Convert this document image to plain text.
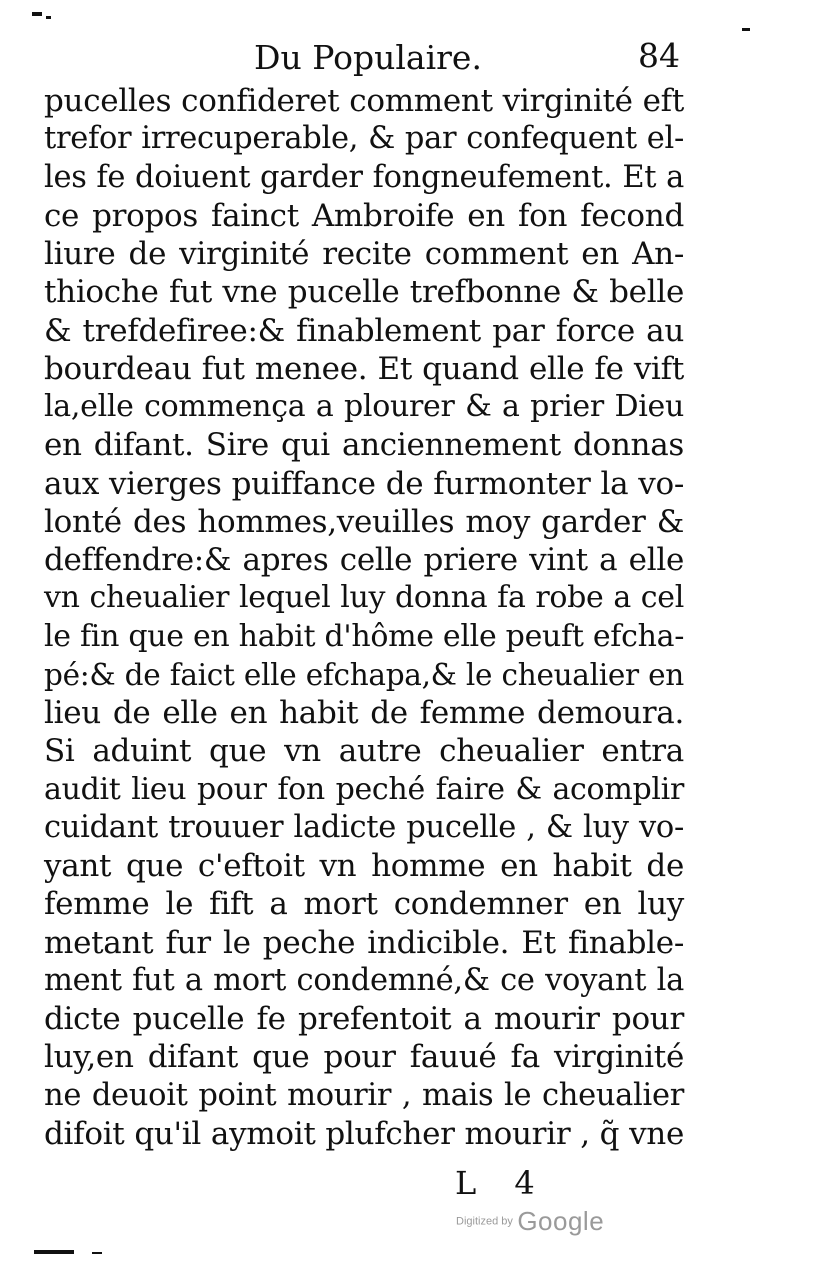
Du Populaire.	84
pucelles confideret comment virginité eft
trefor irrecuperable, & par confequent el-
les fe doiuent garder fongneufement. Et a
ce propos fainct Ambroife en fon fecond
liure de virginité recite comment en An-
thioche fut vne pucelle trefbonne & belle
& trefdefiree:& finablement par force au
bourdeau fut menee. Et quand elle fe vift
la,elle commença a plourer & a prier Dieu
en difant. Sire qui anciennement donnas
aux vierges puiffance de furmonter la vo-
lonté des hommes,veuilles moy garder &
deffendre:& apres celle priere vint a elle
vn cheualier lequel luy donna fa robe a cel
le fin que en habit d'hôme elle peuft efcha-
pé:& de faict elle efchapa,& le cheualier en
lieu de elle en habit de femme demoura.
Si aduint que vn autre cheualier entra
audit lieu pour fon peché faire & acomplir
cuidant trouuer ladicte pucelle , & luy vo-
yant que c'eftoit vn homme en habit de
femme le fift a mort condemner en luy
metant fur le peche indicible. Et finable-
ment fut a mort condemné,& ce voyant la
dicte pucelle fe prefentoit a mourir pour
luy,en difant que pour fauué fa virginité
ne deuoit point mourir , mais le cheualier
difoit qu'il aymoit plufcher mourir , q̃ vne
L 4
Digitized by Google
